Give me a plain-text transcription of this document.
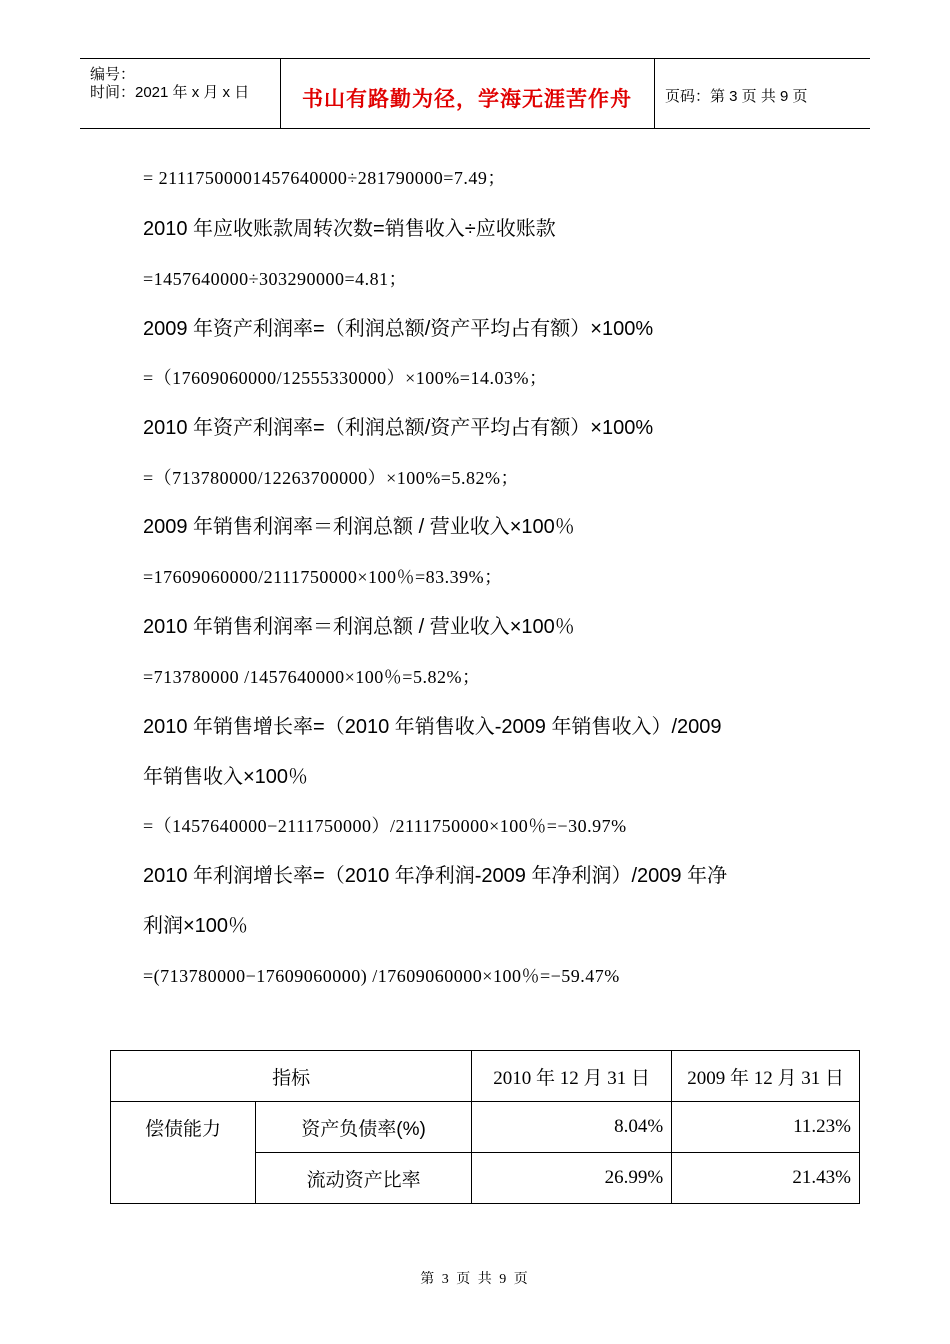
编号：
时间：2021 年 x 月 x 日	书山有路勤为径，学海无涯苦作舟	页码：第 3 页 共 9 页
= 21117500001457640000÷281790000=7.49；
2010 年应收账款周转次数=销售收入÷应收账款
=1457640000÷303290000=4.81；
2009 年资产利润率=（利润总额/资产平均占有额）×100%
=（17609060000/12555330000）×100%=14.03%；
2010 年资产利润率=（利润总额/资产平均占有额）×100%
=（713780000/12263700000）×100%=5.82%；
2009 年销售利润率＝利润总额 / 营业收入×100％
=17609060000/2111750000×100％=83.39%；
2010 年销售利润率＝利润总额 / 营业收入×100％
=713780000 /1457640000×100％=5.82%；
2010 年销售增长率=（2010 年销售收入-2009 年销售收入）/2009
年销售收入×100％
=（1457640000−2111750000）/2111750000×100％=−30.97%
2010 年利润增长率=（2010 年净利润-2009 年净利润）/2009 年净
利润×100％
=(713780000−17609060000) /17609060000×100％=−59.47%
指标		2010 年 12 月 31 日	2009 年 12 月 31 日
偿债能力	资产负债率(%)	8.04%	11.23%
	流动资产比率	26.99%	21.43%
第 3 页 共 9 页
